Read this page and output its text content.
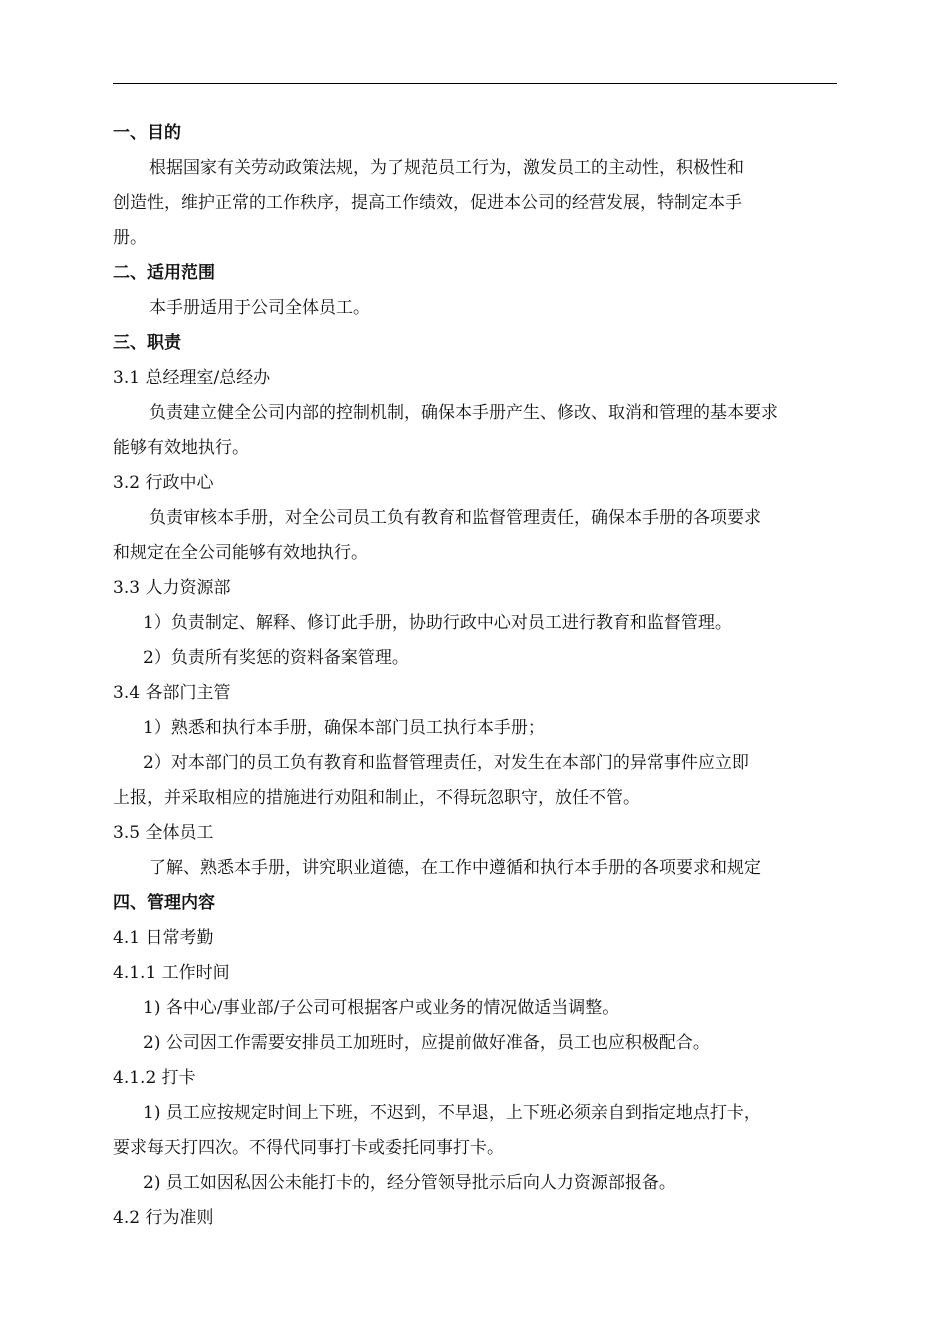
一、目的
根据国家有关劳动政策法规，为了规范员工行为，激发员工的主动性，积极性和
创造性，维护正常的工作秩序，提高工作绩效，促进本公司的经营发展，特制定本手
册。
二、适用范围
本手册适用于公司全体员工。
三、职责
3.1 总经理室/总经办
负责建立健全公司内部的控制机制，确保本手册产生、修改、取消和管理的基本要求
能够有效地执行。
3.2 行政中心
负责审核本手册，对全公司员工负有教育和监督管理责任，确保本手册的各项要求
和规定在全公司能够有效地执行。
3.3 人力资源部
1）负责制定、解释、修订此手册，协助行政中心对员工进行教育和监督管理。
2）负责所有奖惩的资料备案管理。
3.4 各部门主管
1）熟悉和执行本手册，确保本部门员工执行本手册；
2）对本部门的员工负有教育和监督管理责任，对发生在本部门的异常事件应立即
上报，并采取相应的措施进行劝阻和制止，不得玩忽职守，放任不管。
3.5 全体员工
了解、熟悉本手册，讲究职业道德，在工作中遵循和执行本手册的各项要求和规定
四、管理内容
4.1 日常考勤
4.1.1 工作时间
1) 各中心/事业部/子公司可根据客户或业务的情况做适当调整。
2) 公司因工作需要安排员工加班时，应提前做好准备，员工也应积极配合。
4.1.2 打卡
1) 员工应按规定时间上下班，不迟到，不早退，上下班必须亲自到指定地点打卡，
要求每天打四次。不得代同事打卡或委托同事打卡。
2) 员工如因私因公未能打卡的，经分管领导批示后向人力资源部报备。
4.2 行为准则
